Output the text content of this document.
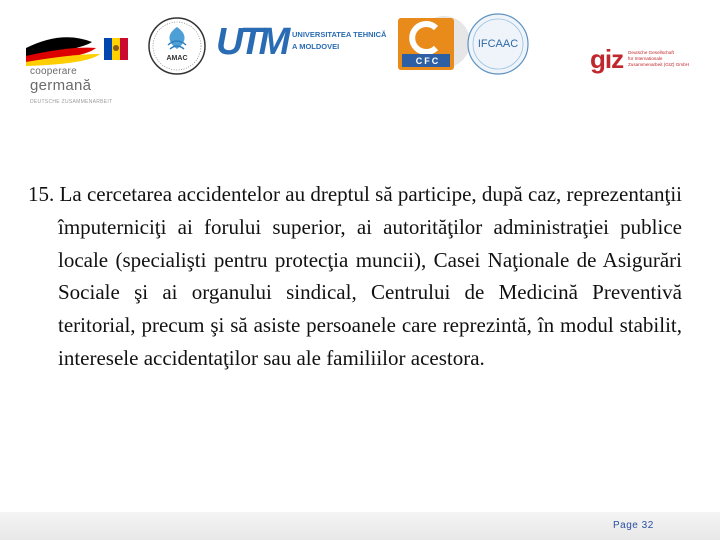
cooperare
germană
DEUTSCHE ZUSAMMENARBEIT
AMAC UTM UNIVERSITATEA TEHNICĂ
A MOLDOVEI
CFC
IFCAAC	giz Deutsche Gesellschaft
für Internationale
Zusammenarbeit (GIZ) GmbH

15. La cercetarea accidentelor au dreptul să participe, după caz, reprezentanţii împuterniciţi ai forului superior, ai autorităţilor administraţiei publice locale (specialişti pentru protecţia muncii), Casei Naţionale de Asigurări Sociale şi ai organului sindical, Centrului de Medicină Preventivă teritorial, precum şi să asiste persoanele care reprezintă, în modul stabilit, interesele accidentaţilor sau ale familiilor acestora.

Page 32
